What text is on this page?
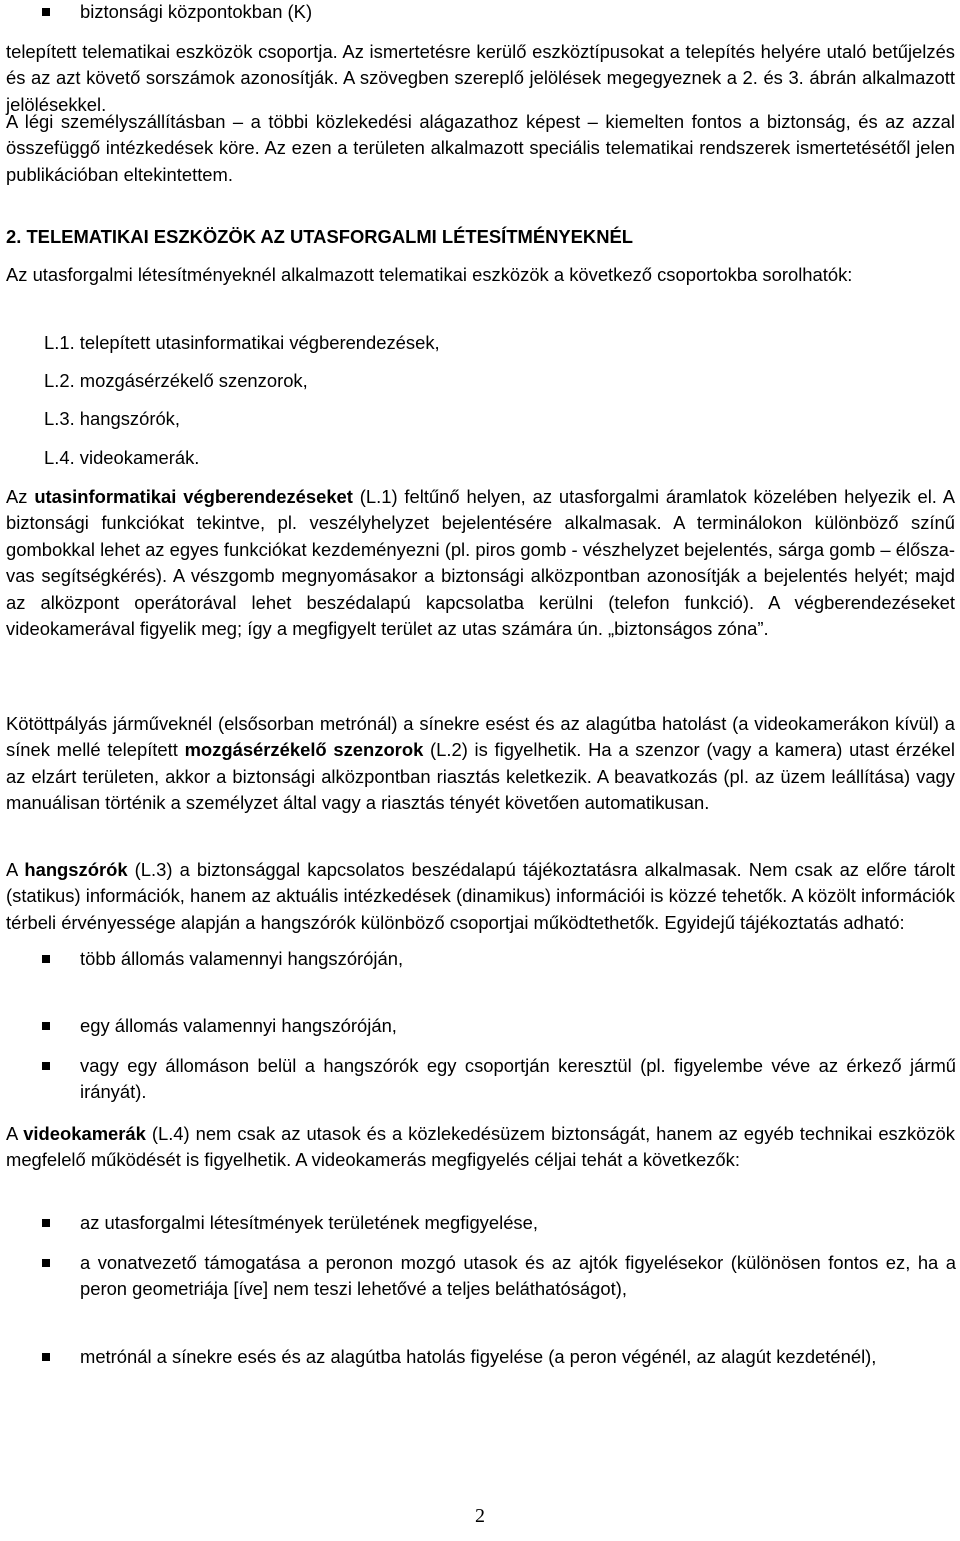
biztonsági központokban (K)

telepített telematikai eszközök csoportja. Az ismertetésre kerülő eszköztípusokat a telepítés helyére utaló betűjelzés és az azt követő sorszámok azonosítják. A szövegben szereplő jelölések megegyeznek a 2. és 3. ábrán alkalmazott jelölésekkel.

A légi személyszállításban – a többi közlekedési alágazathoz képest – kiemelten fontos a biztonság, és az azzal összefüggő intézkedések köre. Az ezen a területen alkalmazott speciális telematikai rendszerek ismertetésétől jelen publikációban eltekintettem.

2. TELEMATIKAI ESZKÖZÖK AZ UTASFORGALMI LÉTESÍTMÉNYEKNÉL

Az utasforgalmi létesítményeknél alkalmazott telematikai eszközök a következő csoportokba sorolhatók:

L.1. telepített utasinformatikai végberendezések,

L.2. mozgásérzékelő szenzorok,

L.3. hangszórók,

L.4. videokamerák.

Az utasinformatikai végberendezéseket (L.1) feltűnő helyen, az utasforgalmi áramlatok közelében helyezik el. A biztonsági funkciókat tekintve, pl. veszélyhelyzet bejelentésére alkalmasak. A terminálokon különböző színű gombokkal lehet az egyes funkciókat kezdeményezni (pl. piros gomb - vészhelyzet bejelentés, sárga gomb – élőszavas segítségkérés). A vészgomb megnyomásakor a biztonsági alközpontban azonosítják a bejelentés helyét; majd az alközpont operátorával lehet beszédalapú kapcsolatba kerülni (telefon funkció). A végberendezéseket videokamerával figyelik meg; így a megfigyelt terület az utas számára ún. „biztonságos zóna”.

Kötöttpályás járműveknél (elsősorban metrónál) a sínekre esést és az alagútba hatolást (a videokamerákon kívül) a sínek mellé telepített mozgásérzékelő szenzorok (L.2) is figyelhetik. Ha a szenzor (vagy a kamera) utast érzékel az elzárt területen, akkor a biztonsági alközpontban riasztás keletkezik. A beavatkozás (pl. az üzem leállítása) vagy manuálisan történik a személyzet által vagy a riasztás tényét követően automatikusan.

A hangszórók (L.3) a biztonsággal kapcsolatos beszédalapú tájékoztatásra alkalmasak. Nem csak az előre tárolt (statikus) információk, hanem az aktuális intézkedések (dinamikus) információi is közzé tehetők. A közölt információk térbeli érvényessége alapján a hangszórók különböző csoportjai működtethetők. Egyidejű tájékoztatás adható:

több állomás valamennyi hangszóróján,

egy állomás valamennyi hangszóróján,

vagy egy állomáson belül a hangszórók egy csoportján keresztül (pl. figyelembe véve az érkező jármű irányát).

A videokamerák (L.4) nem csak az utasok és a közlekedésüzem biztonságát, hanem az egyéb technikai eszközök megfelelő működését is figyelhetik. A videokamerás megfigyelés céljai tehát a következők:

az utasforgalmi létesítmények területének megfigyelése,

a vonatvezető támogatása a peronon mozgó utasok és az ajtók figyelésekor (különösen fontos ez, ha a peron geometriája [íve] nem teszi lehetővé a teljes beláthatóságot),

metrónál a sínekre esés és az alagútba hatolás figyelése (a peron végénél, az alagút kezdeténél),

2
